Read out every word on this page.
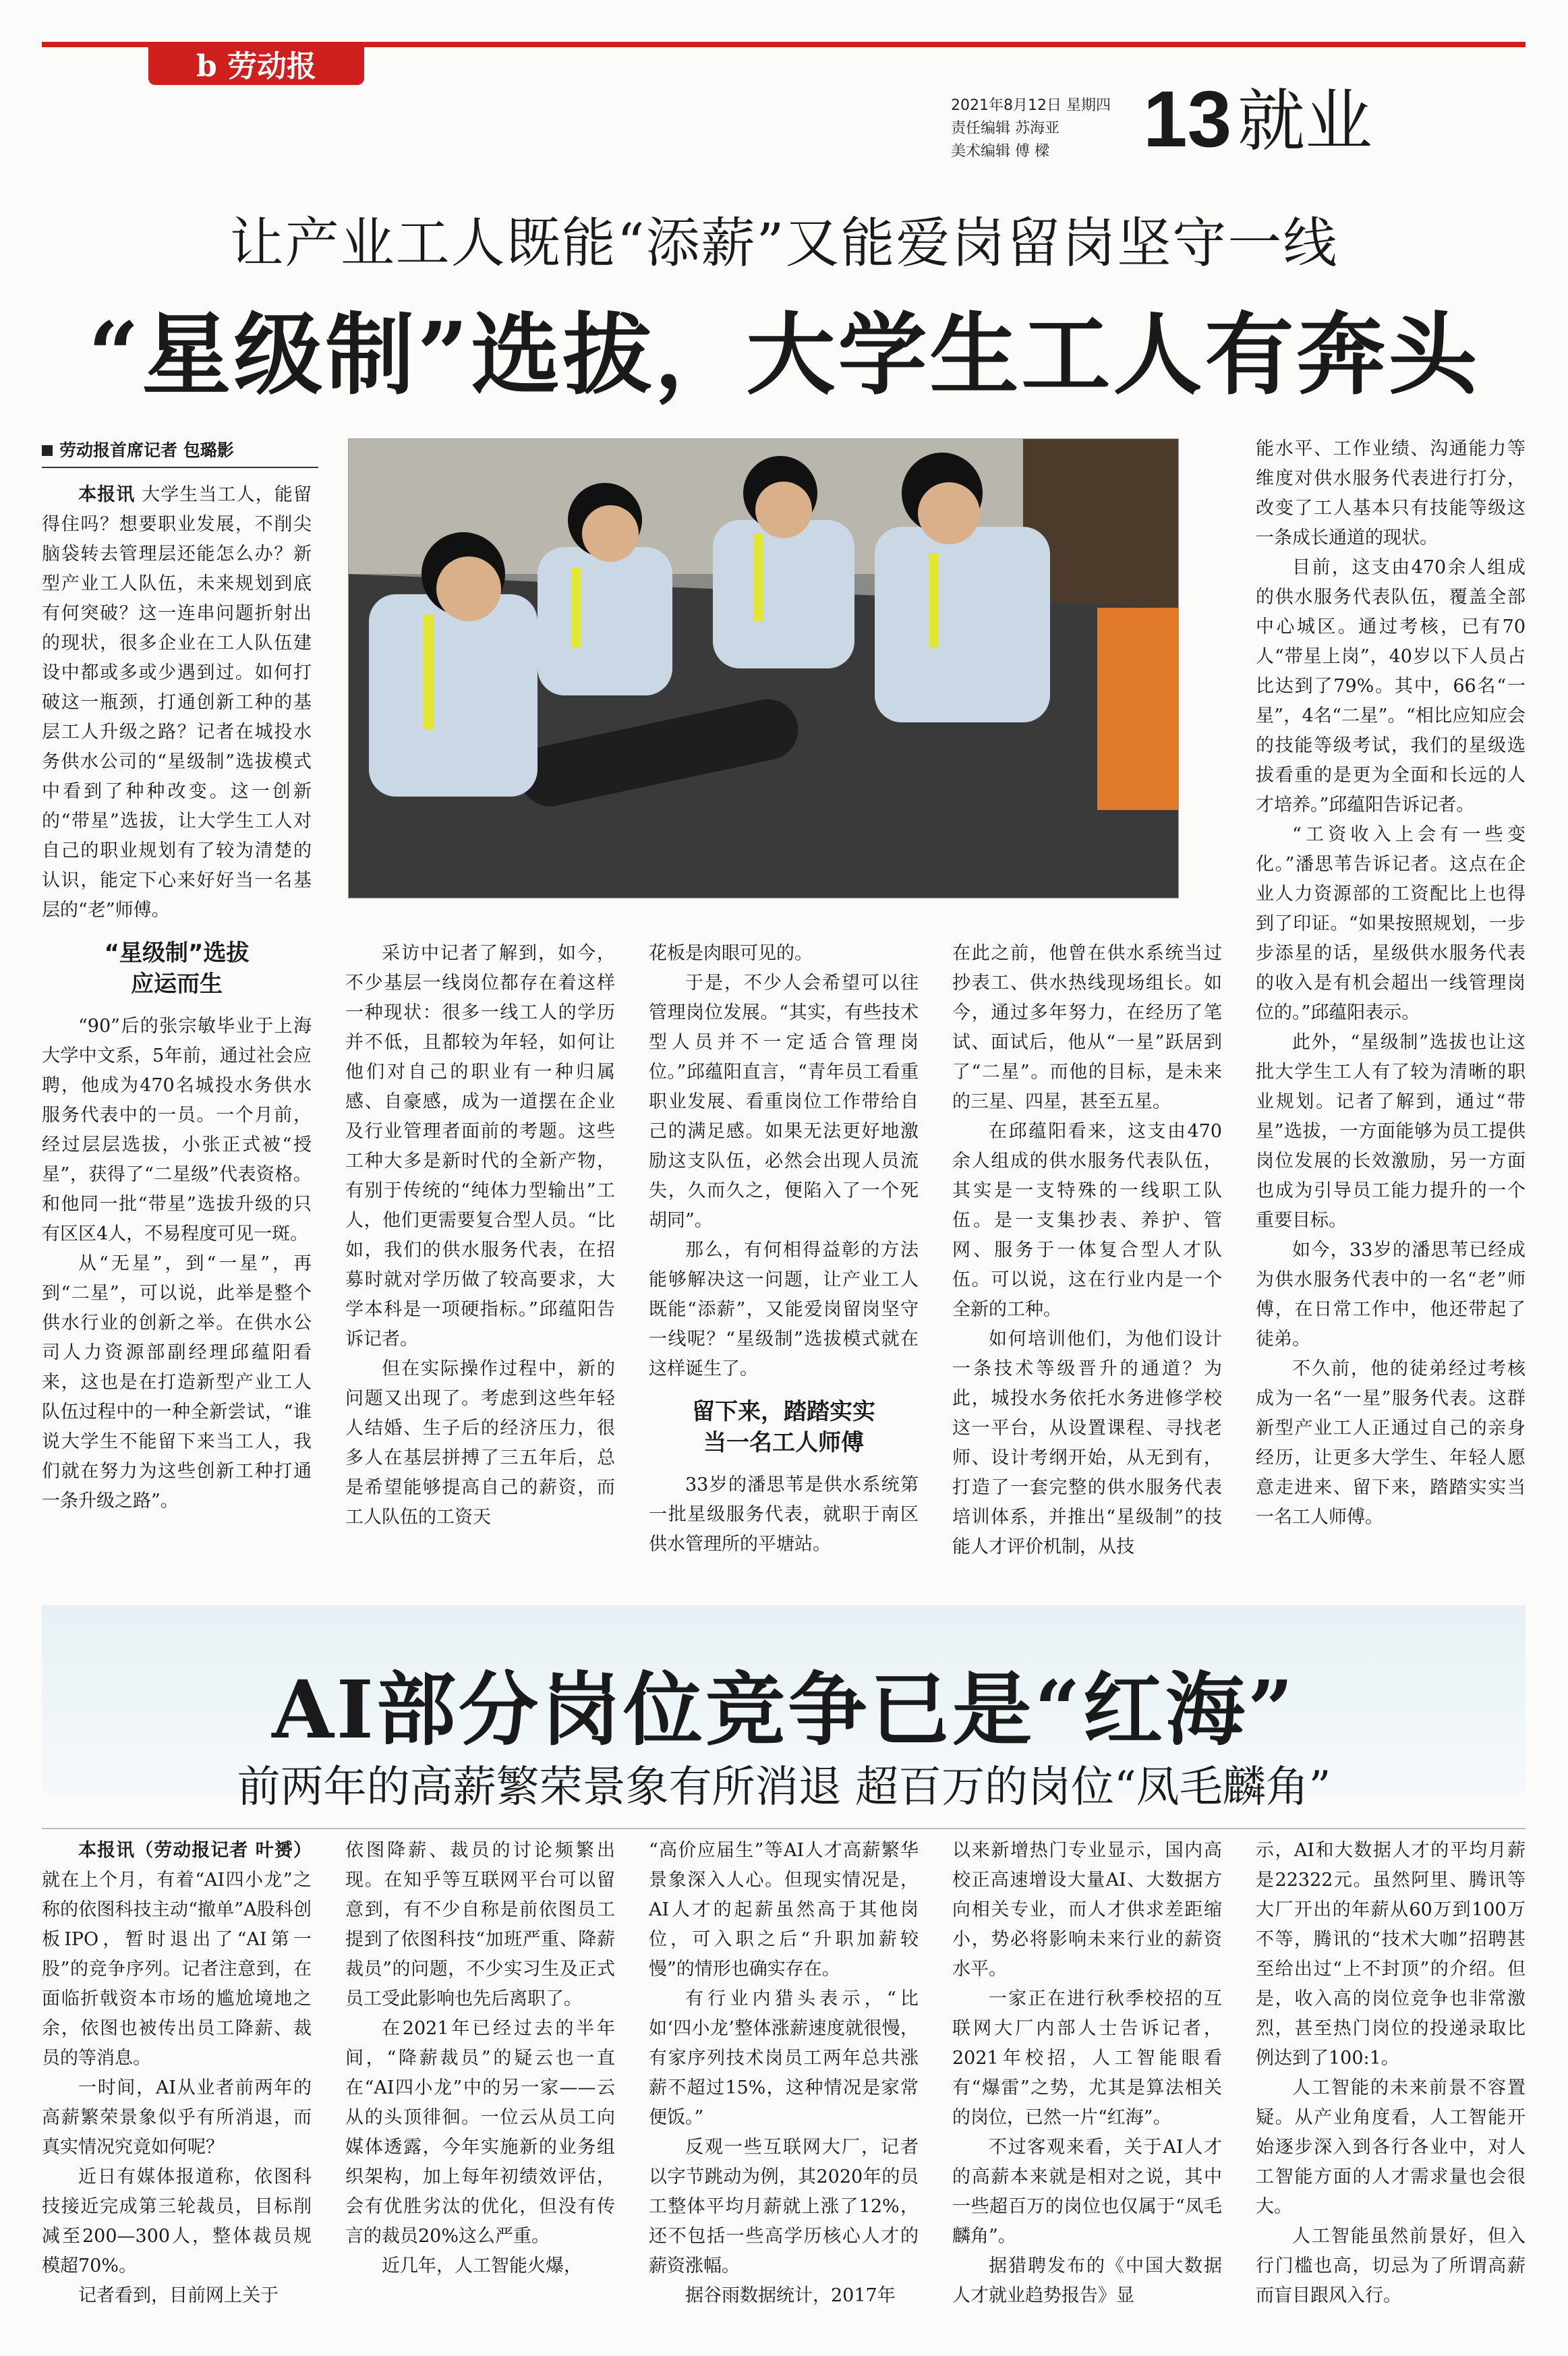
b 劳动报
2021年8月12日 星期四
责任编辑 苏海亚
美术编辑 傅 樑	13 就业
让产业工人既能“添薪”又能爱岗留岗坚守一线
“星级制”选拔，大学生工人有奔头
劳动报首席记者 包璐影

本报讯 大学生当工人，能留得住吗？想要职业发展，不削尖脑袋转去管理层还能怎么办？新型产业工人队伍，未来规划到底有何突破？这一连串问题折射出的现状，很多企业在工人队伍建设中都或多或少遇到过。如何打破这一瓶颈，打通创新工种的基层工人升级之路？记者在城投水务供水公司的“星级制”选拔模式中看到了种种改变。这一创新的“带星”选拔，让大学生工人对自己的职业规划有了较为清楚的认识，能定下心来好好当一名基层的“老”师傅。

“星级制”选拔
应运而生

“90”后的张宗敏毕业于上海大学中文系，5年前，通过社会应聘，他成为470名城投水务供水服务代表中的一员。一个月前，经过层层选拔，小张正式被“授星”，获得了“二星级”代表资格。和他同一批“带星”选拔升级的只有区区4人，不易程度可见一斑。

从“无星”，到“一星”，再到“二星”，可以说，此举是整个供水行业的创新之举。在供水公司人力资源部副经理邱蕴阳看来，这也是在打造新型产业工人队伍过程中的一种全新尝试，“谁说大学生不能留下来当工人，我们就在努力为这些创新工种打通一条升级之路”。

采访中记者了解到，如今，不少基层一线岗位都存在着这样一种现状：很多一线工人的学历并不低，且都较为年轻，如何让他们对自己的职业有一种归属感、自豪感，成为一道摆在企业及行业管理者面前的考题。这些工种大多是新时代的全新产物，有别于传统的“纯体力型输出”工人，他们更需要复合型人员。“比如，我们的供水服务代表，在招募时就对学历做了较高要求，大学本科是一项硬指标。”邱蕴阳告诉记者。

但在实际操作过程中，新的问题又出现了。考虑到这些年轻人结婚、生子后的经济压力，很多人在基层拼搏了三五年后，总是希望能够提高自己的薪资，而工人队伍的工资天

花板是肉眼可见的。

于是，不少人会希望可以往管理岗位发展。“其实，有些技术型人员并不一定适合管理岗位。”邱蕴阳直言，“青年员工看重职业发展、看重岗位工作带给自己的满足感。如果无法更好地激励这支队伍，必然会出现人员流失，久而久之，便陷入了一个死胡同”。

那么，有何相得益彰的方法能够解决这一问题，让产业工人既能“添薪”，又能爱岗留岗坚守一线呢？“星级制”选拔模式就在这样诞生了。

留下来，踏踏实实
当一名工人师傅

33岁的潘思苇是供水系统第一批星级服务代表，就职于南区供水管理所的平塘站。

在此之前，他曾在供水系统当过抄表工、供水热线现场组长。如今，通过多年努力，在经历了笔试、面试后，他从“一星”跃居到了“二星”。而他的目标，是未来的三星、四星，甚至五星。

在邱蕴阳看来，这支由470余人组成的供水服务代表队伍，其实是一支特殊的一线职工队伍。是一支集抄表、养护、管网、服务于一体复合型人才队伍。可以说，这在行业内是一个全新的工种。

如何培训他们，为他们设计一条技术等级晋升的通道？为此，城投水务依托水务进修学校这一平台，从设置课程、寻找老师、设计考纲开始，从无到有，打造了一套完整的供水服务代表培训体系，并推出“星级制”的技能人才评价机制，从技

能水平、工作业绩、沟通能力等维度对供水服务代表进行打分，改变了工人基本只有技能等级这一条成长通道的现状。

目前，这支由470余人组成的供水服务代表队伍，覆盖全部中心城区。通过考核，已有70人“带星上岗”，40岁以下人员占比达到了79%。其中，66名“一星”，4名“二星”。“相比应知应会的技能等级考试，我们的星级选拔看重的是更为全面和长远的人才培养。”邱蕴阳告诉记者。

“工资收入上会有一些变化。”潘思苇告诉记者。这点在企业人力资源部的工资配比上也得到了印证。“如果按照规划，一步步添星的话，星级供水服务代表的收入是有机会超出一线管理岗位的。”邱蕴阳表示。

此外，“星级制”选拔也让这批大学生工人有了较为清晰的职业规划。记者了解到，通过“带星”选拔，一方面能够为员工提供岗位发展的长效激励，另一方面也成为引导员工能力提升的一个重要目标。

如今，33岁的潘思苇已经成为供水服务代表中的一名“老”师傅，在日常工作中，他还带起了徒弟。

不久前，他的徒弟经过考核成为一名“一星”服务代表。这群新型产业工人正通过自己的亲身经历，让更多大学生、年轻人愿意走进来、留下来，踏踏实实当一名工人师傅。

AI部分岗位竞争已是“红海”
前两年的高薪繁荣景象有所消退 超百万的岗位“凤毛麟角”

本报讯（劳动报记者 叶赟）就在上个月，有着“AI四小龙”之称的依图科技主动“撤单”A股科创板IPO，暂时退出了“AI第一股”的竞争序列。记者注意到，在面临折戟资本市场的尴尬境地之余，依图也被传出员工降薪、裁员的等消息。

一时间，AI从业者前两年的高薪繁荣景象似乎有所消退，而真实情况究竟如何呢？

近日有媒体报道称，依图科技接近完成第三轮裁员，目标削减至200—300人，整体裁员规模超70%。

记者看到，目前网上关于

依图降薪、裁员的讨论频繁出现。在知乎等互联网平台可以留意到，有不少自称是前依图员工提到了依图科技“加班严重、降薪裁员”的问题，不少实习生及正式员工受此影响也先后离职了。

在2021年已经过去的半年间，“降薪裁员”的疑云也一直在“AI四小龙”中的另一家——云从的头顶徘徊。一位云从员工向媒体透露，今年实施新的业务组织架构，加上每年初绩效评估，会有优胜劣汰的优化，但没有传言的裁员20%这么严重。

近几年，人工智能火爆，

“高价应届生”等AI人才高薪繁华景象深入人心。但现实情况是，AI人才的起薪虽然高于其他岗位，可入职之后“升职加薪较慢”的情形也确实存在。

有行业内猎头表示，“比如‘四小龙’整体涨薪速度就很慢，有家序列技术岗员工两年总共涨薪不超过15%，这种情况是家常便饭。”

反观一些互联网大厂，记者以字节跳动为例，其2020年的员工整体平均月薪就上涨了12%，还不包括一些高学历核心人才的薪资涨幅。

据谷雨数据统计，2017年

以来新增热门专业显示，国内高校正高速增设大量AI、大数据方向相关专业，而人才供求差距缩小，势必将影响未来行业的薪资水平。

一家正在进行秋季校招的互联网大厂内部人士告诉记者，2021年校招，人工智能眼看有“爆雷”之势，尤其是算法相关的岗位，已然一片“红海”。

不过客观来看，关于AI人才的高薪本来就是相对之说，其中一些超百万的岗位也仅属于“凤毛麟角”。

据猎聘发布的《中国大数据人才就业趋势报告》显

示，AI和大数据人才的平均月薪是22322元。虽然阿里、腾讯等大厂开出的年薪从60万到100万不等，腾讯的“技术大咖”招聘甚至给出过“上不封顶”的介绍。但是，收入高的岗位竞争也非常激烈，甚至热门岗位的投递录取比例达到了100:1。

人工智能的未来前景不容置疑。从产业角度看，人工智能开始逐步深入到各行各业中，对人工智能方面的人才需求量也会很大。

人工智能虽然前景好，但入行门槛也高，切忌为了所谓高薪而盲目跟风入行。
